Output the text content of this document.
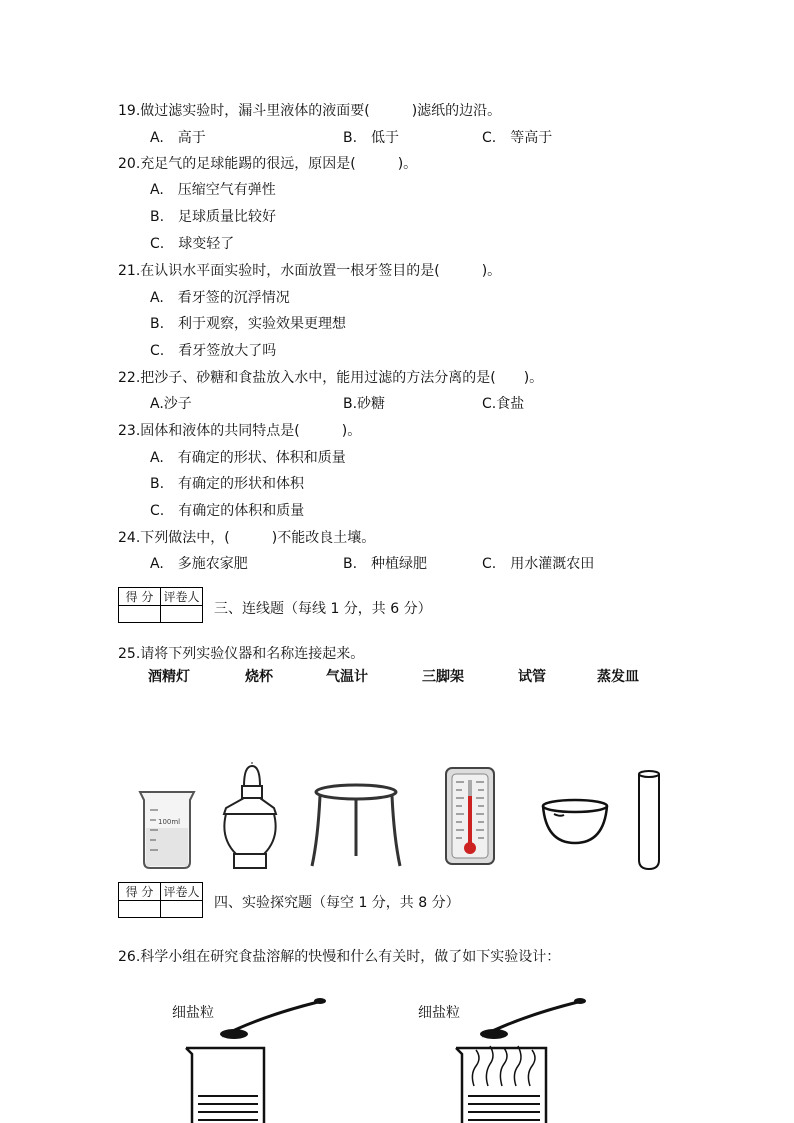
19.做过滤实验时，漏斗里液体的液面要(　　　)滤纸的边沿。
A.　高于	B.　低于	C.　等高于
20.充足气的足球能踢的很远，原因是(　　　)。
A.　压缩空气有弹性
B.　足球质量比较好
C.　球变轻了
21.在认识水平面实验时，水面放置一根牙签目的是(　　　)。
A.　看牙签的沉浮情况
B.　利于观察，实验效果更理想
C.　看牙签放大了吗
22.把沙子、砂糖和食盐放入水中，能用过滤的方法分离的是(　　)。
A.沙子	B.砂糖	C.食盐
23.固体和液体的共同特点是(　　　)。
A.　有确定的形状、体积和质量
B.　有确定的形状和体积
C.　有确定的体积和质量
24.下列做法中，(　　　)不能改良土壤。
A.　多施农家肥	B.　种植绿肥	C.　用水灌溉农田
得 分	评卷人

三、连线题（每线 1 分，共 6 分）
25.请将下列实验仪器和名称连接起来。
酒精灯	烧杯	气温计	三脚架	试管	蒸发皿
100ml
得 分	评卷人

四、实验探究题（每空 1 分，共 8 分）
26.科学小组在研究食盐溶解的快慢和什么有关时，做了如下实验设计：
细盐粒	细盐粒
